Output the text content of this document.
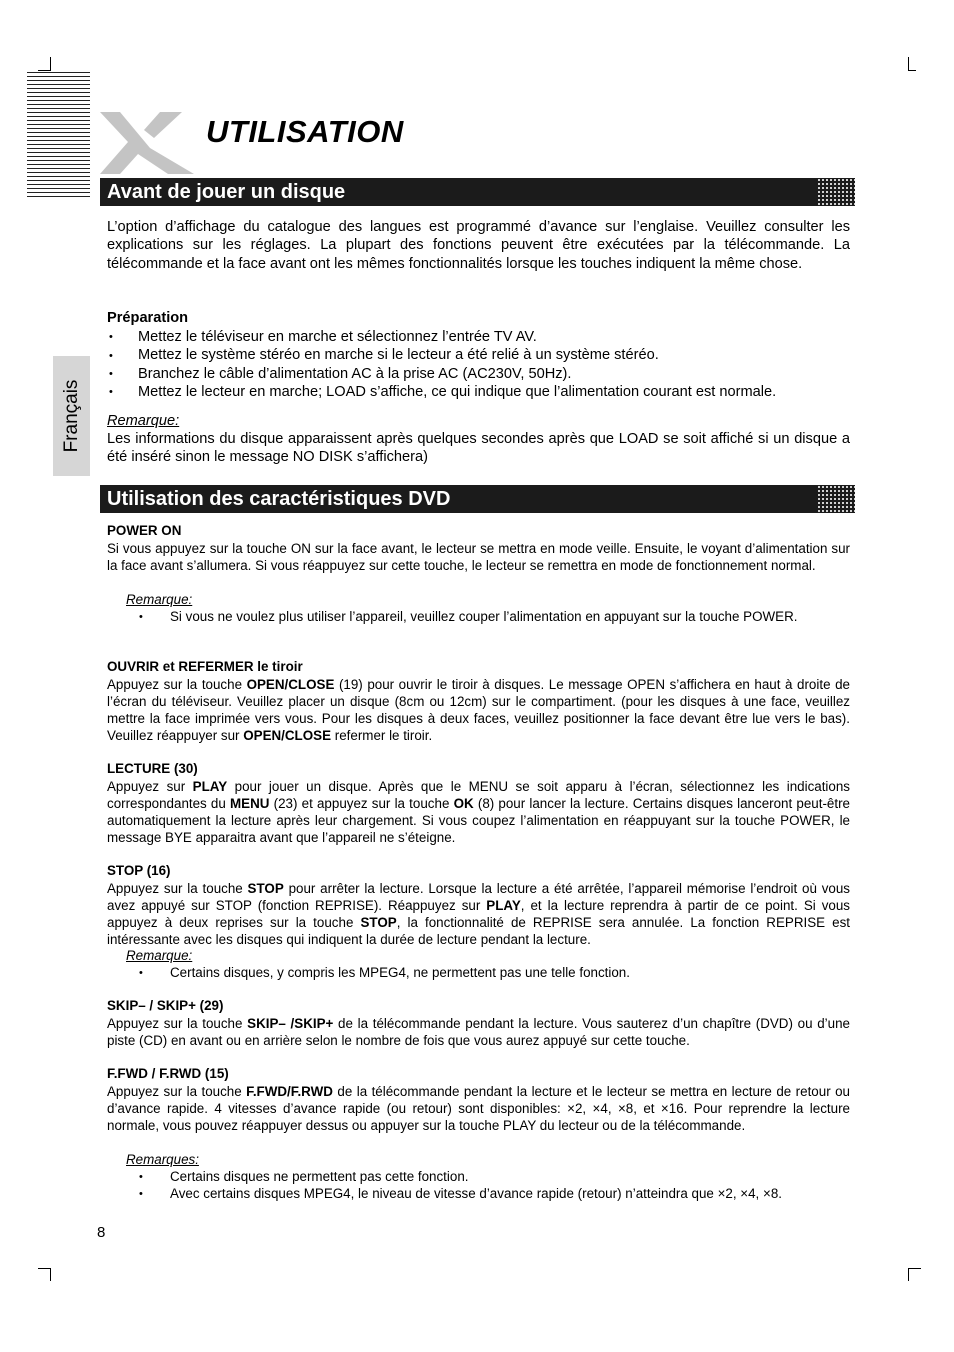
UTILISATION
Français
Avant de jouer un disque
L’option d’affichage du catalogue des langues est programmé d’avance sur l’englaise. Veuillez consulter les explications sur les réglages. La plupart des fonctions peuvent être exécutées par la télécommande. La télécommande et la face avant ont les mêmes fonctionnalités lorsque les touches indiquent la même chose.
Préparation
• Mettez le téléviseur en marche et sélectionnez l’entrée TV AV.
• Mettez le système stéréo en marche si le lecteur a été relié à un système stéréo.
• Branchez le câble d’alimentation AC à la prise AC (AC230V, 50Hz).
• Mettez le lecteur en marche; LOAD s’affiche, ce qui indique que l’alimentation courant est normale.
Remarque:
Les informations du disque apparaissent après quelques secondes après que LOAD se soit affiché si un disque a été inséré sinon le message NO DISK s’affichera)
Utilisation des caractéristiques DVD
POWER ON
Si vous appuyez sur la touche ON sur la face avant, le lecteur se mettra en mode veille. Ensuite, le voyant d’alimentation sur la face avant s’allumera. Si vous réappuyez sur cette touche, le lecteur se remettra en mode de fonctionnement normal.
Remarque:
• Si vous ne voulez plus utiliser l’appareil, veuillez couper l’alimentation en appuyant sur la touche POWER.
OUVRIR et REFERMER le tiroir
Appuyez sur la touche OPEN/CLOSE (19) pour ouvrir le tiroir à disques. Le message OPEN s’affichera en haut à droite de l’écran du téléviseur. Veuillez placer un disque (8cm ou 12cm) sur le compartiment. (pour les disques à une face, veuillez mettre la face imprimée vers vous. Pour les disques à deux faces, veuillez positionner la face devant être lue vers le bas). Veuillez réappuyer sur OPEN/CLOSE refermer le tiroir.
LECTURE (30)
Appuyez sur PLAY pour jouer un disque. Après que le MENU se soit apparu à l’écran, sélectionnez les indications correspondantes du MENU (23) et appuyez sur la touche OK (8) pour lancer la lecture. Certains disques lanceront peut-être automatiquement la lecture après leur chargement. Si vous coupez l’alimentation en réappuyant sur la touche POWER, le message BYE apparaitra avant que l’appareil ne s’éteigne.
STOP (16)
Appuyez sur la touche STOP pour arrêter la lecture. Lorsque la lecture a été arrêtée, l’appareil mémorise l’endroit où vous avez appuyé sur STOP (fonction REPRISE). Réappuyez sur PLAY, et la lecture reprendra à partir de ce point. Si vous appuyez à deux reprises sur la touche STOP, la fonctionnalité de REPRISE sera annulée. La fonction REPRISE est intéressante avec les disques qui indiquent la durée de lecture pendant la lecture.
Remarque:
• Certains disques, y compris les MPEG4, ne permettent pas une telle fonction.
SKIP– / SKIP+ (29)
Appuyez sur la touche SKIP– /SKIP+ de la télécommande pendant la lecture. Vous sauterez d’un chapître (DVD) ou d’une piste (CD) en avant ou en arrière selon le nombre de fois que vous aurez appuyé sur cette touche.
F.FWD / F.RWD (15)
Appuyez sur la touche F.FWD/F.RWD de la télécommande pendant la lecture et le lecteur se mettra en lecture de retour ou d’avance rapide. 4 vitesses d’avance rapide (ou retour) sont disponibles: ×2, ×4, ×8, et ×16. Pour reprendre la lecture normale, vous pouvez réappuyer dessus ou appuyer sur la touche PLAY du lecteur ou de la télécommande.
Remarques:
• Certains disques ne permettent pas cette fonction.
• Avec certains disques MPEG4, le niveau de vitesse d’avance rapide (retour) n’atteindra que ×2, ×4, ×8.
8
